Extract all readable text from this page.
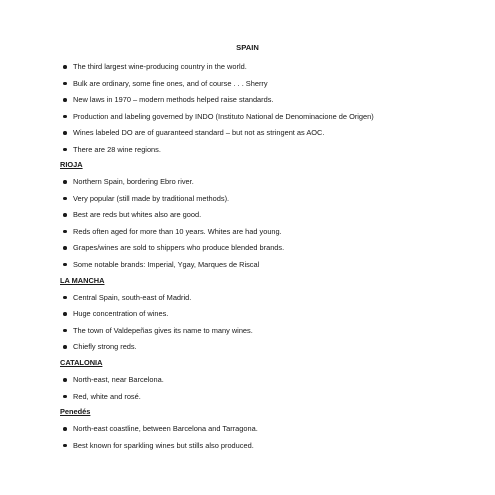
SPAIN
The third largest wine-producing country in the world.
Bulk are ordinary, some fine ones, and of course . . . Sherry
New laws in 1970 – modern methods helped raise standards.
Production and labeling governed by INDO (Instituto National de Denominacione de Origen)
Wines labeled DO are of guaranteed standard – but not as stringent as AOC.
There are 28 wine regions.
RIOJA
Northern Spain, bordering Ebro river.
Very popular (still made by traditional methods).
Best are reds but whites also are good.
Reds often aged for more than 10 years. Whites are had young.
Grapes/wines are sold to shippers who produce blended brands.
Some notable brands: Imperial, Ygay, Marques de Riscal
LA MANCHA
Central Spain, south-east of Madrid.
Huge concentration of wines.
The town of Valdepeñas gives its name to many wines.
Chiefly strong reds.
CATALONIA
North-east, near Barcelona.
Red, white and rosé.
Penedés
North-east coastline, between Barcelona and Tarragona.
Best known for sparkling wines but stills also produced.
